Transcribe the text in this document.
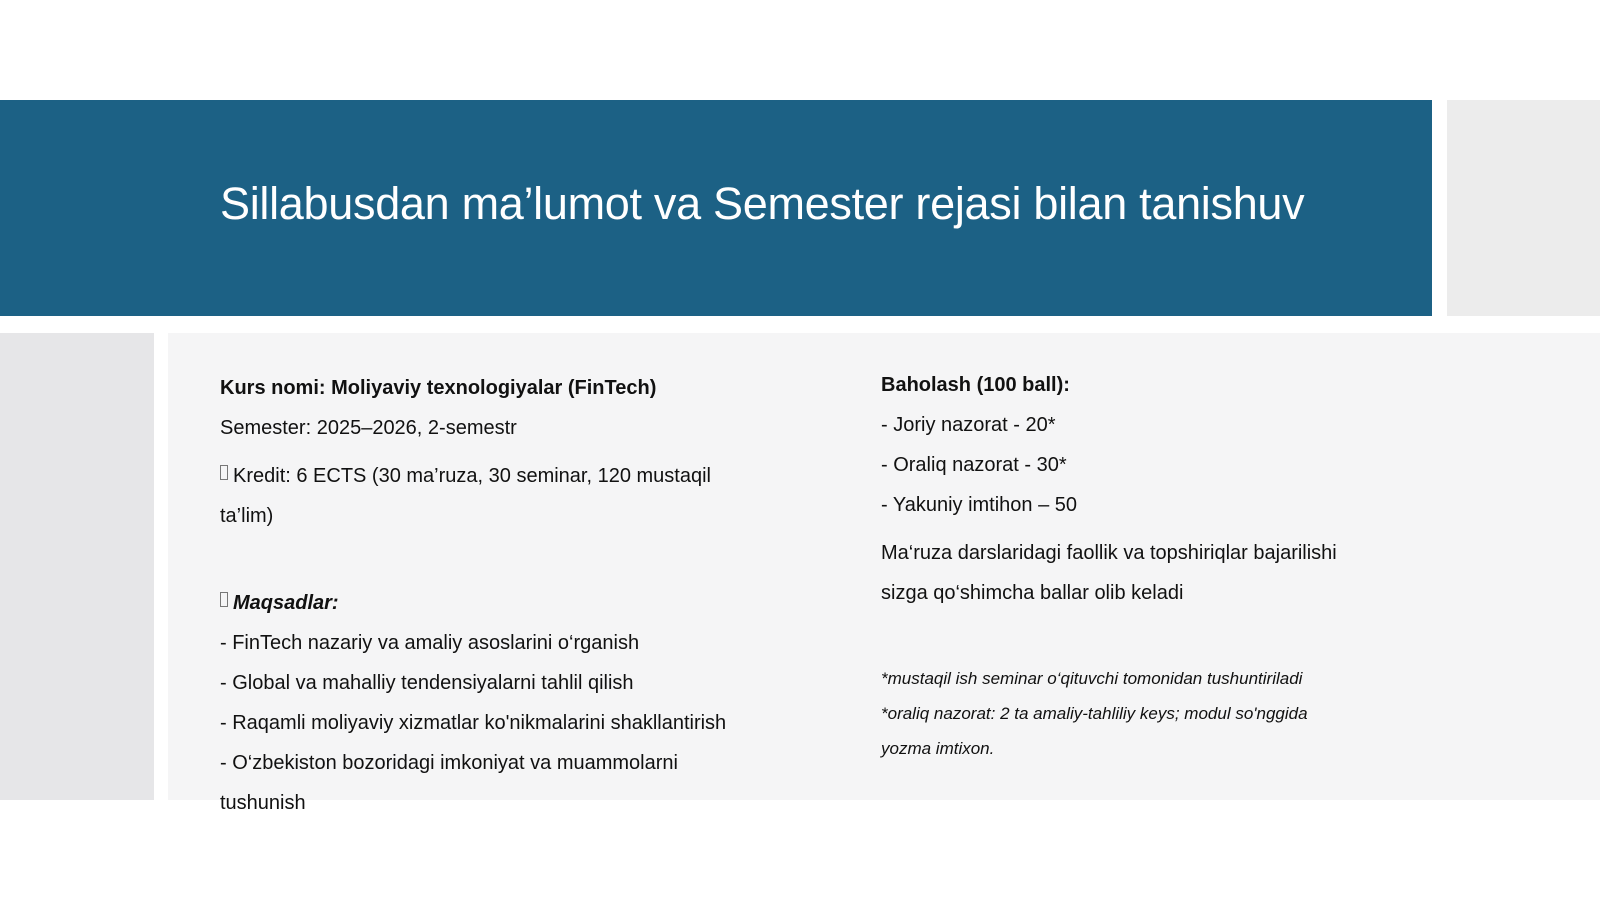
Sillabusdan ma’lumot va Semester rejasi bilan tanishuv
Kurs nomi: Moliyaviy texnologiyalar (FinTech)
Semester: 2025–2026, 2-semestr
Kredit: 6 ECTS (30 ma’ruza, 30 seminar, 120 mustaqil ta’lim)
Maqsadlar:
- FinTech nazariy va amaliy asoslarini o‘rganish
- Global va mahalliy tendensiyalarni tahlil qilish
- Raqamli moliyaviy xizmatlar ko'nikmalarini shakllantirish
- O‘zbekiston bozoridagi imkoniyat va muammolarni tushunish
Baholash (100 ball):
- Joriy nazorat - 20*
- Oraliq nazorat - 30*
- Yakuniy imtihon – 50
Ma‘ruza darslaridagi faollik va topshiriqlar bajarilishi sizga qo‘shimcha ballar olib keladi
*mustaqil ish seminar o‘qituvchi tomonidan tushuntiriladi
*oraliq nazorat: 2 ta amaliy-tahliliy keys; modul so'nggida yozma imtixon.
